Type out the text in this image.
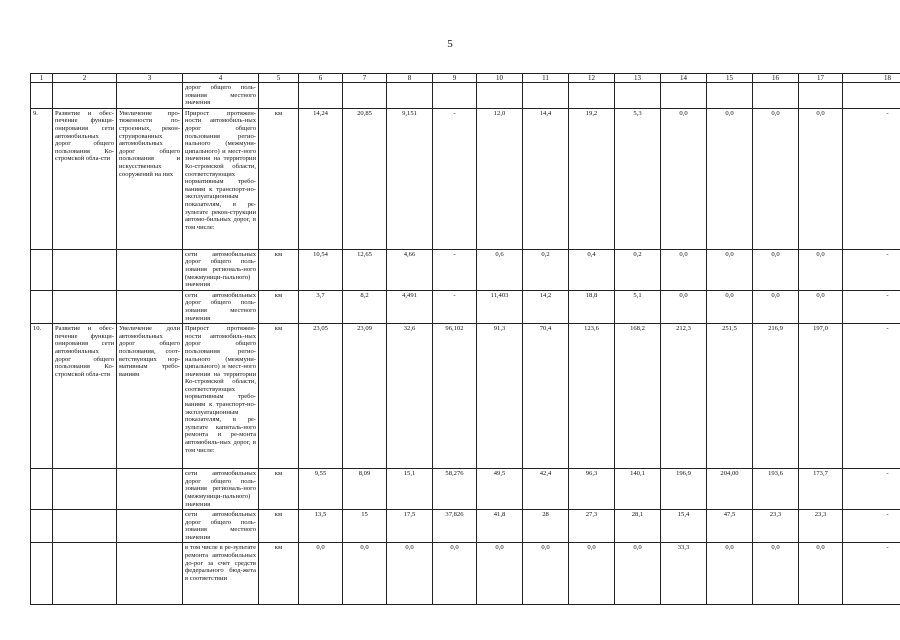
5
1	2	3	4	5	6	7	8	9	10	11	12	13	14	15	16	17	18
			дорог общего поль-зования местного значения														
9.	Развитие и обес-печение функци-онирования сети автомобильных дорог общего пользования Ко-стромской обла-сти	Увеличение про-тяженности по-строенных, рекон-струированных автомобильных дорог общего пользования и искусственных сооружений на них	Прирост протяжен-ности автомобиль-ных дорог общего пользования регио-нального (межмуни-ципального) и мест-ного значения на территории Ко-стромской области, соответствующих нормативным требо-ваниям к транспорт-но-эксплуатационным показателям, в ре-зультате рекон-струкции автомо-бильных дорог, в том числе:	км	14,24	20,85	9,151	-	12,0	14,4	19,2	5,3	0,0	0,0	0,0	0,0	-
			сети автомобильных дорог общего поль-зования региональ-ного (межмуници-пального) значения	км	10,54	12,65	4,66	-	0,6	0,2	0,4	0,2	0,0	0,0	0,0	0,0	-
			сети автомобильных дорог общего поль-зования местного значения	км	3,7	8,2	4,491	-	11,403	14,2	18,8	5,1	0,0	0,0	0,0	0,0	-
10.	Развитие и обес-печение функци-онирования сети автомобильных дорог общего пользования Ко-стромской обла-сти	Увеличение доли автомобильных дорог общего пользования, соот-ветствующих нор-мативным требо-ваниям	Прирост протяжен-ности автомобиль-ных дорог общего пользования регио-нального (межмуни-ципального) и мест-ного значения на территории Ко-стромской области, соответствующих нормативным требо-ваниям к транспорт-но-эксплуатационным показателям, в ре-зультате капиталь-ного ремонта и ре-монта автомобиль-ных дорог, в том числе:	км	23,05	23,09	32,6	96,102	91,3	70,4	123,6	168,2	212,3	251,5	216,9	197,0	-
			сети автомобильных дорог общего поль-зования региональ-ного (межмуници-пального) значения	км	9,55	8,09	15,1	58,276	49,5	42,4	96,3	140,1	196,9	204,00	193,6	173,7	-
			сети автомобильных дорог общего поль-зования местного значения	км	13,5	15	17,5	37,826	41,8	28	27,3	28,1	15,4	47,5	23,3	23,3	-
			в том числе в ре-зультате ремонта автомобильных до-рог за счет средств федерального бюд-жета в соответствии	км	0,0	0,0	0,0	0,0	0,0	0,0	0,0	0,0	33,3	0,0	0,0	0,0	-
